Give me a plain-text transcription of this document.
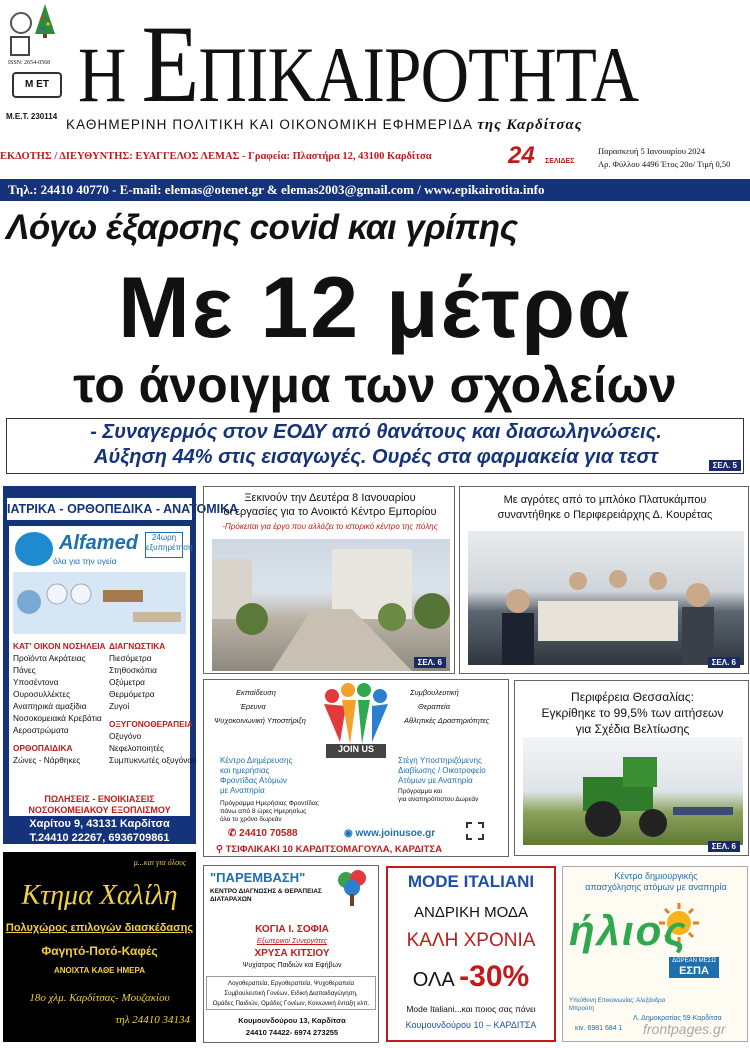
ISSN: 2654-0568
Μ ΕΤ
Μ.Ε.Τ. 230114 Η ΕΠΙΚΑΙΡΟΤΗΤΑ
ΚΑΘΗΜΕΡΙΝΗ ΠΟΛΙΤΙΚΗ ΚΑΙ ΟΙΚΟΝΟΜΙΚΗ ΕΦΗΜΕΡΙΔΑ της Καρδίτσας
ΕΚΔΟΤΗΣ / ΔΙΕΥΘΥΝΤΗΣ: ΕΥΑΓΓΕΛΟΣ ΛΕΜΑΣ - Γραφεία: Πλαστήρα 12, 43100 Καρδίτσα	24 ΣΕΛΙΔΕΣ
Παρασκευή 5 Ιανουαρίου 2024
Αρ. Φύλλου 4496 Έτος 20ο/ Τιμή 0,50
Τηλ.: 24410 40770 - E-mail: elemas@otenet.gr & elemas2003@gmail.com / www.epikairotita.info
Λόγω έξαρσης covid και γρίπης
Με 12 μέτρα
το άνοιγμα των σχολείων
- Συναγερμός στον ΕΟΔΥ από θανάτους και διασωληνώσεις.
Αύξηση 44% στις εισαγωγές. Ουρές στα φαρμακεία για τεστ	ΣΕΛ. 5
ΙΑΤΡΙΚΑ - ΟΡΘΟΠΕΔΙΚΑ - ΑΝΑΤΟΜΙΚΑ
Alfamed
όλα για την υγεία
24ωρη εξυπηρέτηση
ΚΑΤ' ΟΙΚΟΝ ΝΟΣΗΛΕΙΑ
Προϊόντα Ακράτειας
Πάνες
Υποσέντονα
Ουροσυλλέκτες
Αναπηρικά αμαξίδια
Νοσοκομειακά Κρεβάτια
Αεροστρώματα
ΟΡΘΟΠΑΙΔΙΚΑ
Ζώνες - Νάρθηκες
ΔΙΑΓΝΩΣΤΙΚΑ
Πιεσόμετρα
Στηθοσκόπια
Οξύμετρα
Θερμόμετρα
Ζυγοί
ΟΞΥΓΟΝΟΘΕΡΑΠΕΙΑ
Οξυγόνο
Νεφελοποιητές
Συμπυκνωτές οξυγόνου
ΠΩΛΗΣΕΙΣ - ΕΝΟΙΚΙΑΣΕΙΣ
ΝΟΣΟΚΟΜΕΙΑΚΟΥ ΕΞΟΠΛΙΣΜΟΥ
Χαρίτου 9, 43131 Καρδίτσα
Τ.24410 22267, 6936709861
Ξεκινούν την Δευτέρα 8 Ιανουαρίου
οι εργασίες για το Ανοικτό Κέντρο Εμπορίου
-Πρόκειται για έργο που αλλάζει το ιστορικό κέντρο της πόλης
ΣΕΛ. 6
Με αγρότες από το μπλόκο Πλατυκάμπου
συναντήθηκε ο Περιφερειάρχης Δ. Κουρέτας
ΣΕΛ. 6
Εκπαίδευση
Έρευνα
Ψυχοκοινωνική Υποστήριξη
Συμβουλευτική
Θεραπεία
Αθλητικές Δραστηριότητες
JOIN US
Κέντρο Διημέρευσης
και ημερήσιας
Φροντίδας Ατόμων
με Αναπηρία
Πρόγραμμα Ημερήσιας Φροντίδας
πάνω από 8 ώρες Ημερησίως
όλο το χρόνο δωρεάν
Στέγη Υποστηριζόμενης
Διαβίωσης / Οικοτροφείο
Ατόμων με Αναπηρία
Πρόγραμμα και
για αναπηρόπιστου Δωρεάν
✆ 24410 70588	◉ www.joinusoe.gr
⚲ ΤΣΙΦΛΙΚΑΚΙ 10 ΚΑΡΔΙΤΣΟΜΑΓΟΥΛΑ, ΚΑΡΔΙΤΣΑ
Περιφέρεια Θεσσαλίας:
Εγκρίθηκε το 99,5% των αιτήσεων
για Σχέδια Βελτίωσης
ΣΕΛ. 6
μ...και για όλους
Κτημα Χαλίλη
Πολυχώρος επιλογών διασκέδασης
Φαγητό-Ποτό-Καφές
ΑΝΟΙΧΤΑ ΚΑΘΕ ΗΜΕΡΑ
18ο χλμ. Καρδίτσας- Μουζακίου
τηλ 24410 34134
"ΠΑΡΕΜΒΑΣΗ"
ΚΕΝΤΡΟ ΔΙΑΓΝΩΣΗΣ & ΘΕΡΑΠΕΙΑΣ ΔΙΑΤΑΡΑΧΩΝ
ΚΟΓΙΑ Ι. ΣΟΦΙΑ
Εξωτερικοί Συνεργάτες
ΧΡΥΣΑ ΚΙΤΣΙΟΥ
Ψυχίατρος Παιδιών και Εφήβων
Λογοθεραπεία, Εργοθεραπεία, Ψυχοθεραπεία
Συμβουλευτική Γονέων, Ειδική Διαπαιδαγώγηση,
Ομάδες Παιδιών, Ομάδες Γονέων, Κοινωνική ένταξη κλπ.
Κουμουνδούρου 13, Καρδίτσα
24410 74422- 6974 273255
MODE ITALIANI
ΑΝΔΡΙΚΗ ΜΟΔΑ
ΚΑΛΗ ΧΡΟΝΙΑ
ΟΛΑ -30%
Mode Italiani...και ποιος σας πάνει
Κουμουνδούρου 10 – ΚΑΡΔΙΤΣΑ
Κέντρο δημιουργικής
απασχόλησης ατόμων με αναπηρία
ήλιος
ΔΩΡΕΑΝ ΜΕΣΩ
ΕΣΠΑ
Υπεύθυνη Επικοινωνίας: Αλεξάνδρα Μπρούτη
Λ. Δημοκρατίας 59 Καρδίτσα
κιν. 6981 684 1 frontpages.gr
